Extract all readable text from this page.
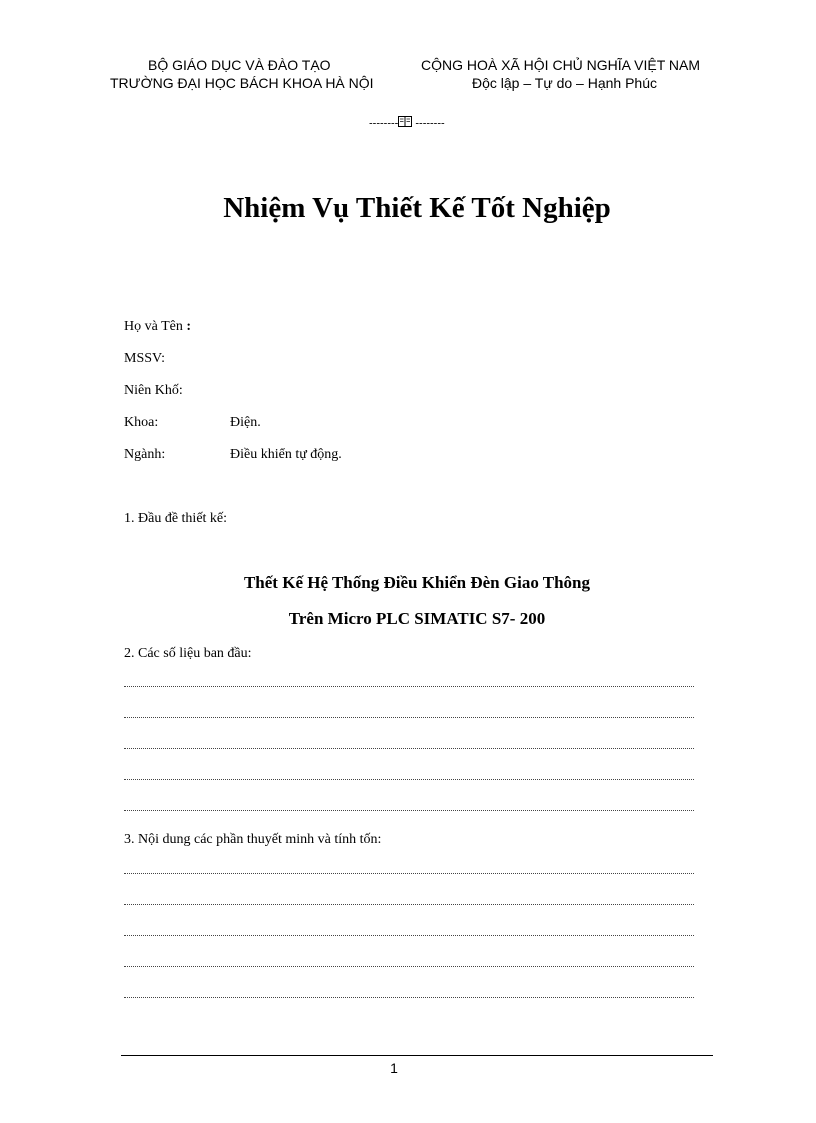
BỘ GIÁO DỤC VÀ ĐÀO TẠO
TRƯỜNG ĐẠI HỌC BÁCH KHOA HÀ NỘI
CỘNG HOÀ XÃ HỘI CHỦ NGHĨA VIỆT NAM
Độc lập – Tự do – Hạnh Phúc
-------- --------
Nhiệm Vụ Thiết Kế Tốt Nghiệp
Họ và Tên :
MSSV:
Niên Khố:
Khoa:	Điện.
Ngành:	Điều khiển tự động.
1. Đầu đề thiết kế:
Thết Kế Hệ Thống Điều Khiển Đèn Giao Thông
Trên Micro PLC SIMATIC S7- 200
2. Các số liệu ban đầu:
3. Nội dung các phần thuyết minh và tính tốn:
1
